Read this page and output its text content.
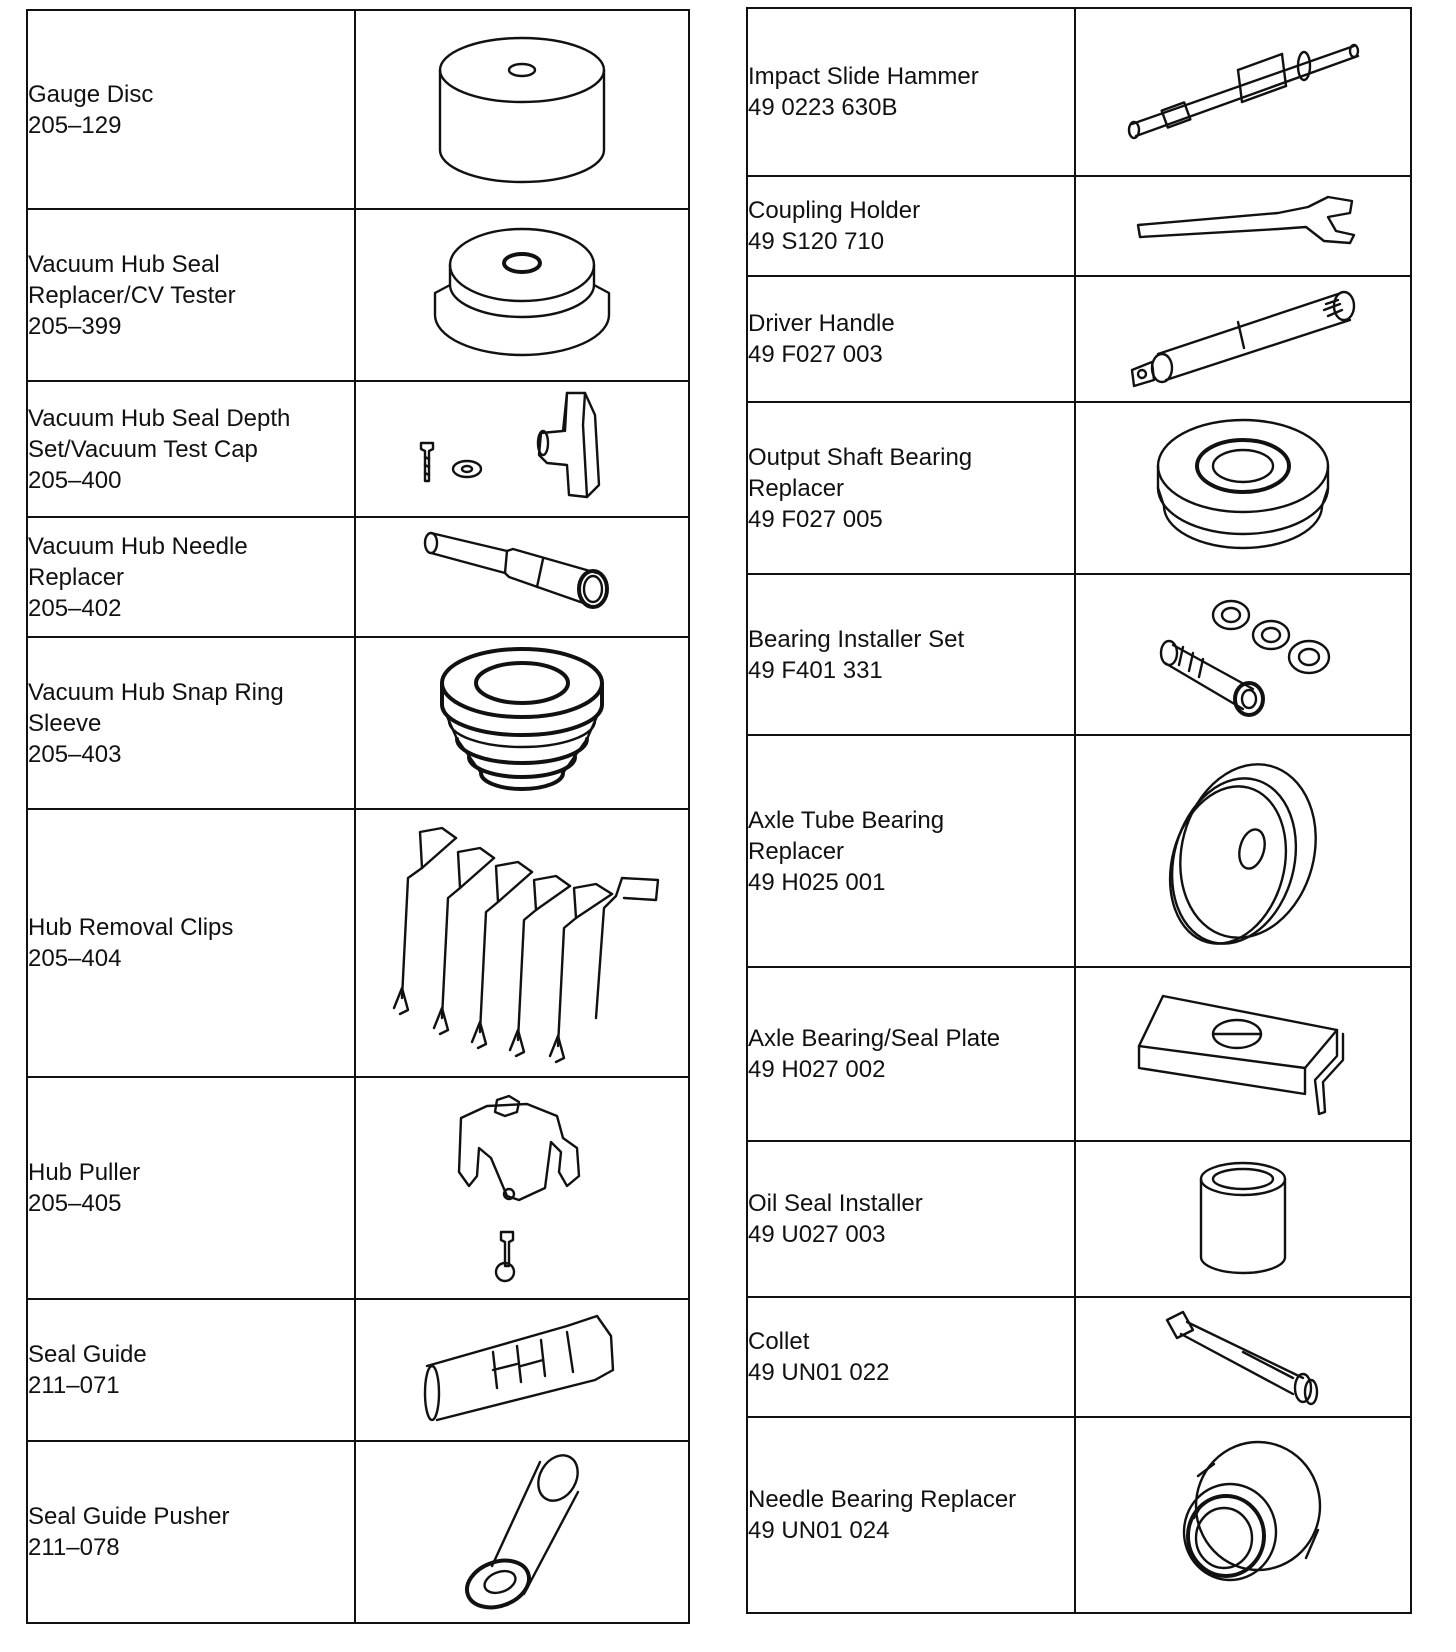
Gauge Disc
205–129

Vacuum Hub Seal
Replacer/CV Tester
205–399

Vacuum Hub Seal Depth
Set/Vacuum Test Cap
205–400

Vacuum Hub Needle
Replacer
205–402

Vacuum Hub Snap Ring
Sleeve
205–403

Hub Removal Clips
205–404

Hub Puller
205–405

Seal Guide
211–071

Seal Guide Pusher
211–078

Impact Slide Hammer
49 0223 630B

Coupling Holder
49 S120 710

Driver Handle
49 F027 003

Output Shaft Bearing
Replacer
49 F027 005

Bearing Installer Set
49 F401 331

Axle Tube Bearing
Replacer
49 H025 001

Axle Bearing/Seal Plate
49 H027 002

Oil Seal Installer
49 U027 003

Collet
49 UN01 022

Needle Bearing Replacer
49 UN01 024
